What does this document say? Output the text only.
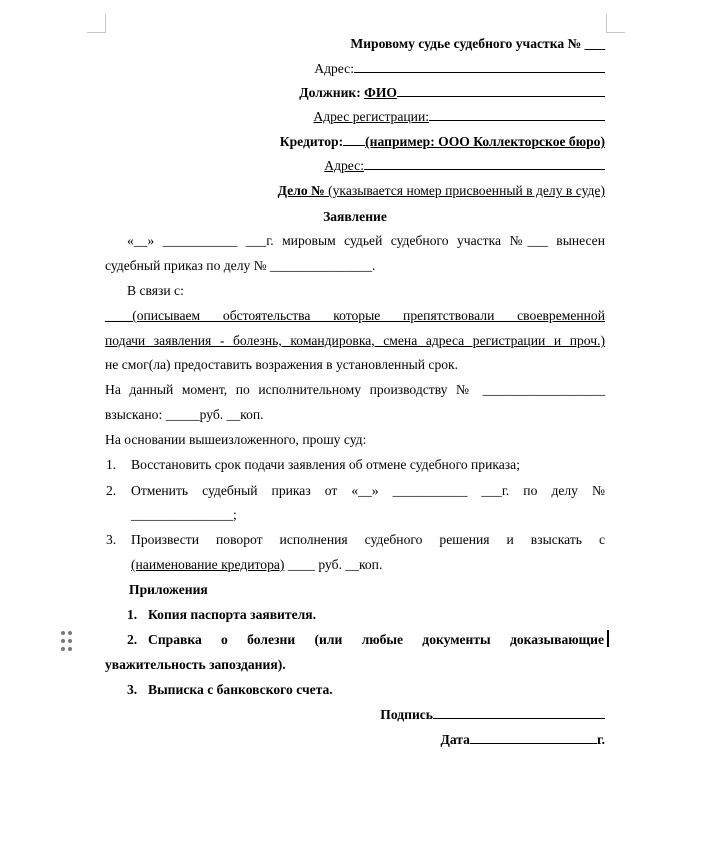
Мировому судье судебного участка № ___
Адрес:
Должник: ФИО
Адрес регистрации:
Кредитор: (например: ООО Коллекторское бюро)
Адрес:
Дело № (указывается номер присвоенный в делу в суде)
Заявление
«__» ___________ ___г. мировым судьей судебного участка №___ вынесен
судебный приказ по делу № _______________.
В связи с:
____(описываем обстоятельства которые препятствовали своевременной
подачи заявления - болезнь, командировка, смена адреса регистрации и проч.)
не смог(ла) предоставить возражения в установленный срок.
На данный момент, по исполнительному производству № __________________
взыскано: _____руб. __коп.
На основании вышеизложенного, прошу суд:
1. Восстановить срок подачи заявления об отмене судебного приказа;
2. Отменить судебный приказ от «__» ___________ ___г. по делу №
_______________;
3. Произвести поворот исполнения судебного решения и взыскать с
(наименование кредитора) ____ руб. __коп.
Приложения
1. Копия паспорта заявителя.
2. Справка о болезни (или любые документы доказывающие
уважительность запоздания).
3. Выписка с банковского счета.
Подпись
Дата	г.
